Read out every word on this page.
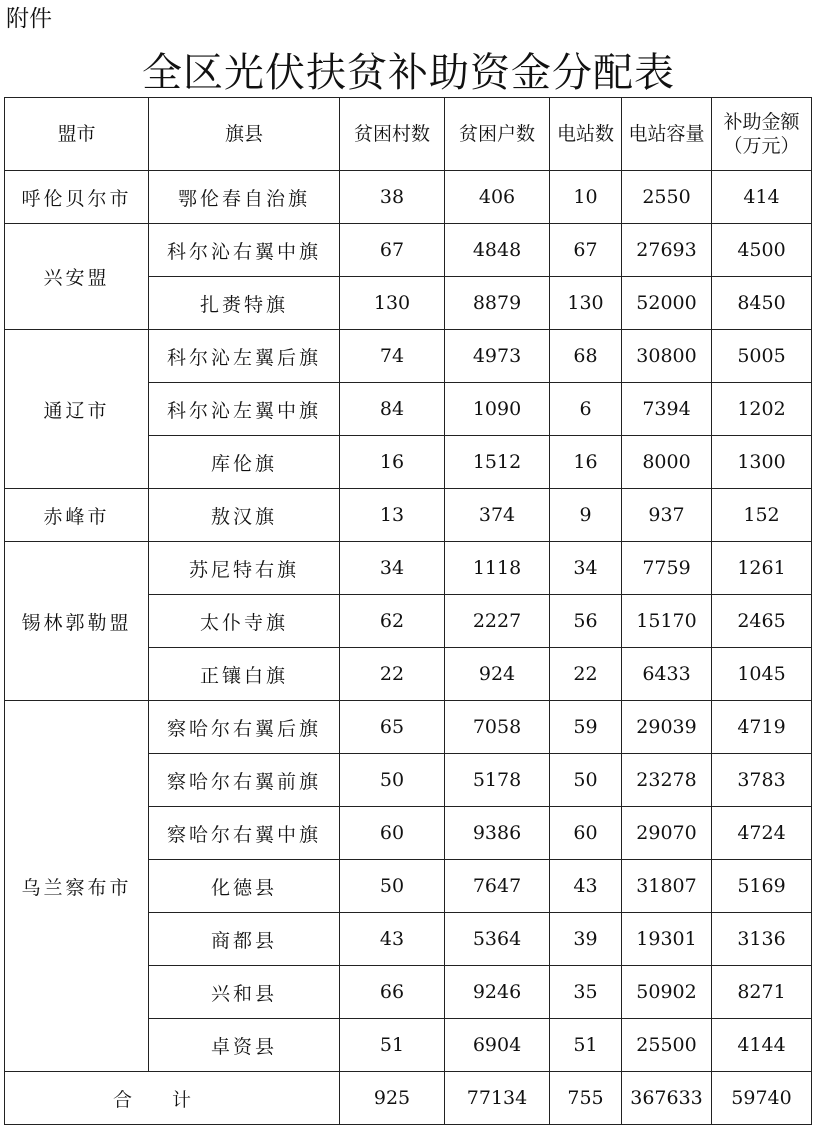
附件
全区光伏扶贫补助资金分配表
盟市	旗县	贫困村数	贫困户数	电站数	电站容量	补助金额
（万元）
呼伦贝尔市	鄂伦春自治旗	38	406	10	2550	414
兴安盟	科尔沁右翼中旗	67	4848	67	27693	4500
	扎赉特旗	130	8879	130	52000	8450
通辽市	科尔沁左翼后旗	74	4973	68	30800	5005
	科尔沁左翼中旗	84	1090	6	7394	1202
	库伦旗	16	1512	16	8000	1300
赤峰市	敖汉旗	13	374	9	937	152
锡林郭勒盟	苏尼特右旗	34	1118	34	7759	1261
	太仆寺旗	62	2227	56	15170	2465
	正镶白旗	22	924	22	6433	1045
乌兰察布市	察哈尔右翼后旗	65	7058	59	29039	4719
	察哈尔右翼前旗	50	5178	50	23278	3783
	察哈尔右翼中旗	60	9386	60	29070	4724
	化德县	50	7647	43	31807	5169
	商都县	43	5364	39	19301	3136
	兴和县	66	9246	35	50902	8271
	卓资县	51	6904	51	25500	4144
合计		925	77134	755	367633	59740
